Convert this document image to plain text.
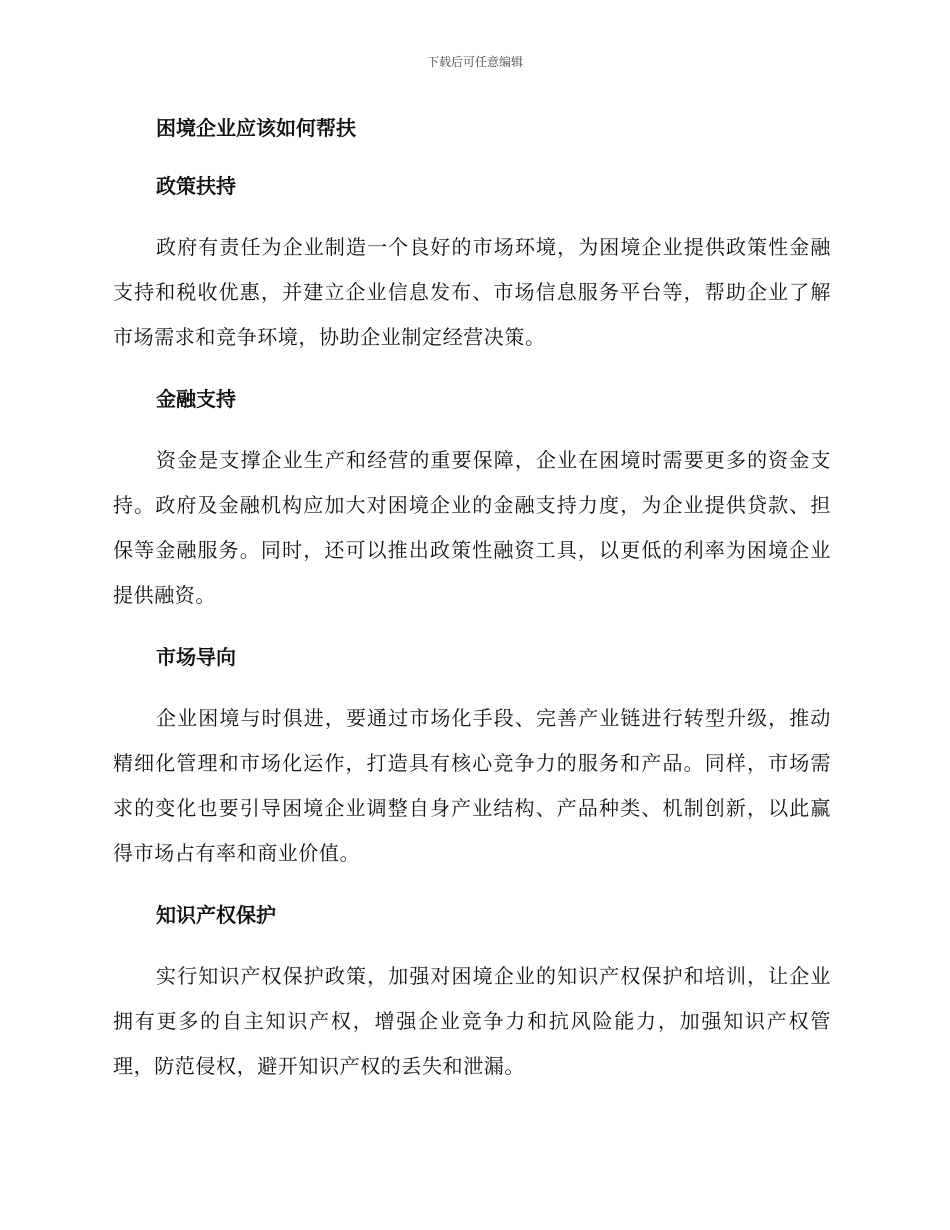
下载后可任意编辑
困境企业应该如何帮扶
政策扶持

政府有责任为企业制造一个良好的市场环境，为困境企业提供政策性金融支持和税收优惠，并建立企业信息发布、市场信息服务平台等，帮助企业了解市场需求和竞争环境，协助企业制定经营决策。

金融支持

资金是支撑企业生产和经营的重要保障，企业在困境时需要更多的资金支持。政府及金融机构应加大对困境企业的金融支持力度，为企业提供贷款、担保等金融服务。同时，还可以推出政策性融资工具，以更低的利率为困境企业提供融资。

市场导向

企业困境与时俱进，要通过市场化手段、完善产业链进行转型升级，推动精细化管理和市场化运作，打造具有核心竞争力的服务和产品。同样，市场需求的变化也要引导困境企业调整自身产业结构、产品种类、机制创新，以此赢得市场占有率和商业价值。

知识产权保护

实行知识产权保护政策，加强对困境企业的知识产权保护和培训，让企业拥有更多的自主知识产权，增强企业竞争力和抗风险能力，加强知识产权管理，防范侵权，避开知识产权的丢失和泄漏。
